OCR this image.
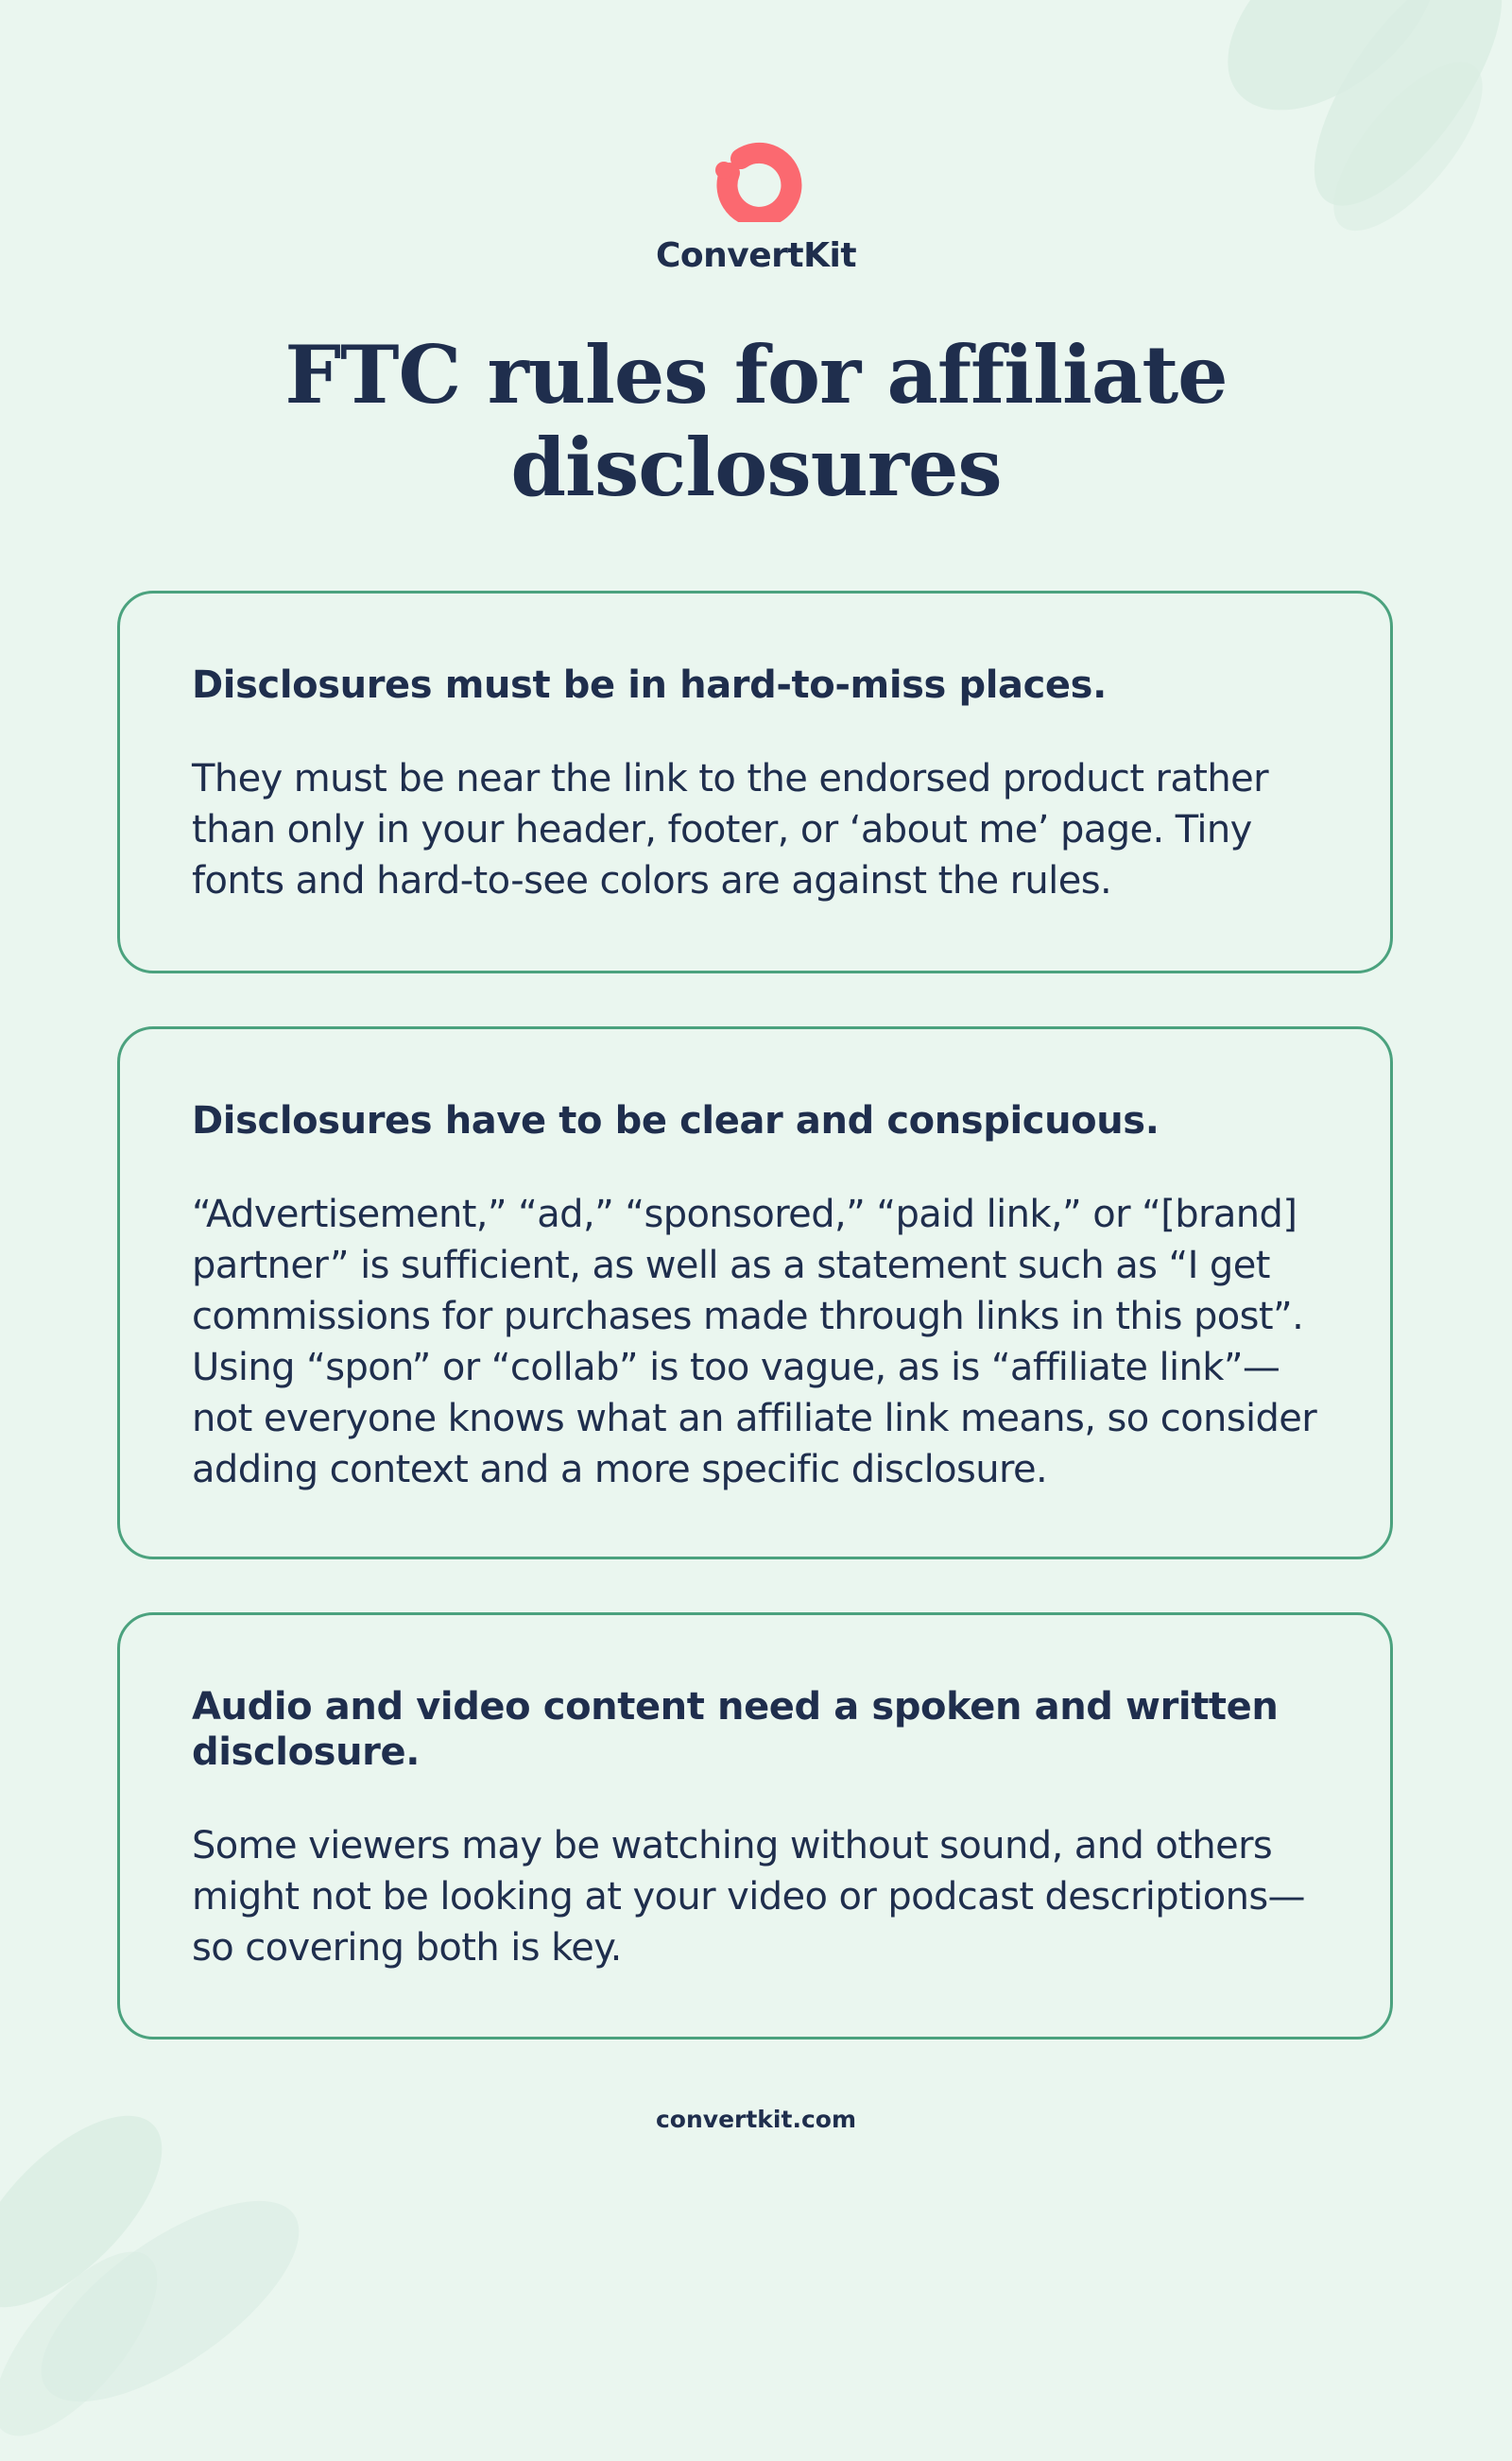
ConvertKit
FTC rules for affiliate disclosures
Disclosures must be in hard-to-miss places.

They must be near the link to the endorsed product rather than only in your header, footer, or ‘about me’ page. Tiny fonts and hard-to-see colors are against the rules.

Disclosures have to be clear and conspicuous.

“Advertisement,” “ad,” “sponsored,” “paid link,” or “[brand] partner” is sufficient, as well as a statement such as “I get commissions for purchases made through links in this post”. Using “spon” or “collab” is too vague, as is “affiliate link”—not everyone knows what an affiliate link means, so consider adding context and a more specific disclosure.

Audio and video content need a spoken and written disclosure.

Some viewers may be watching without sound, and others might not be looking at your video or podcast descriptions—so covering both is key.

convertkit.com
